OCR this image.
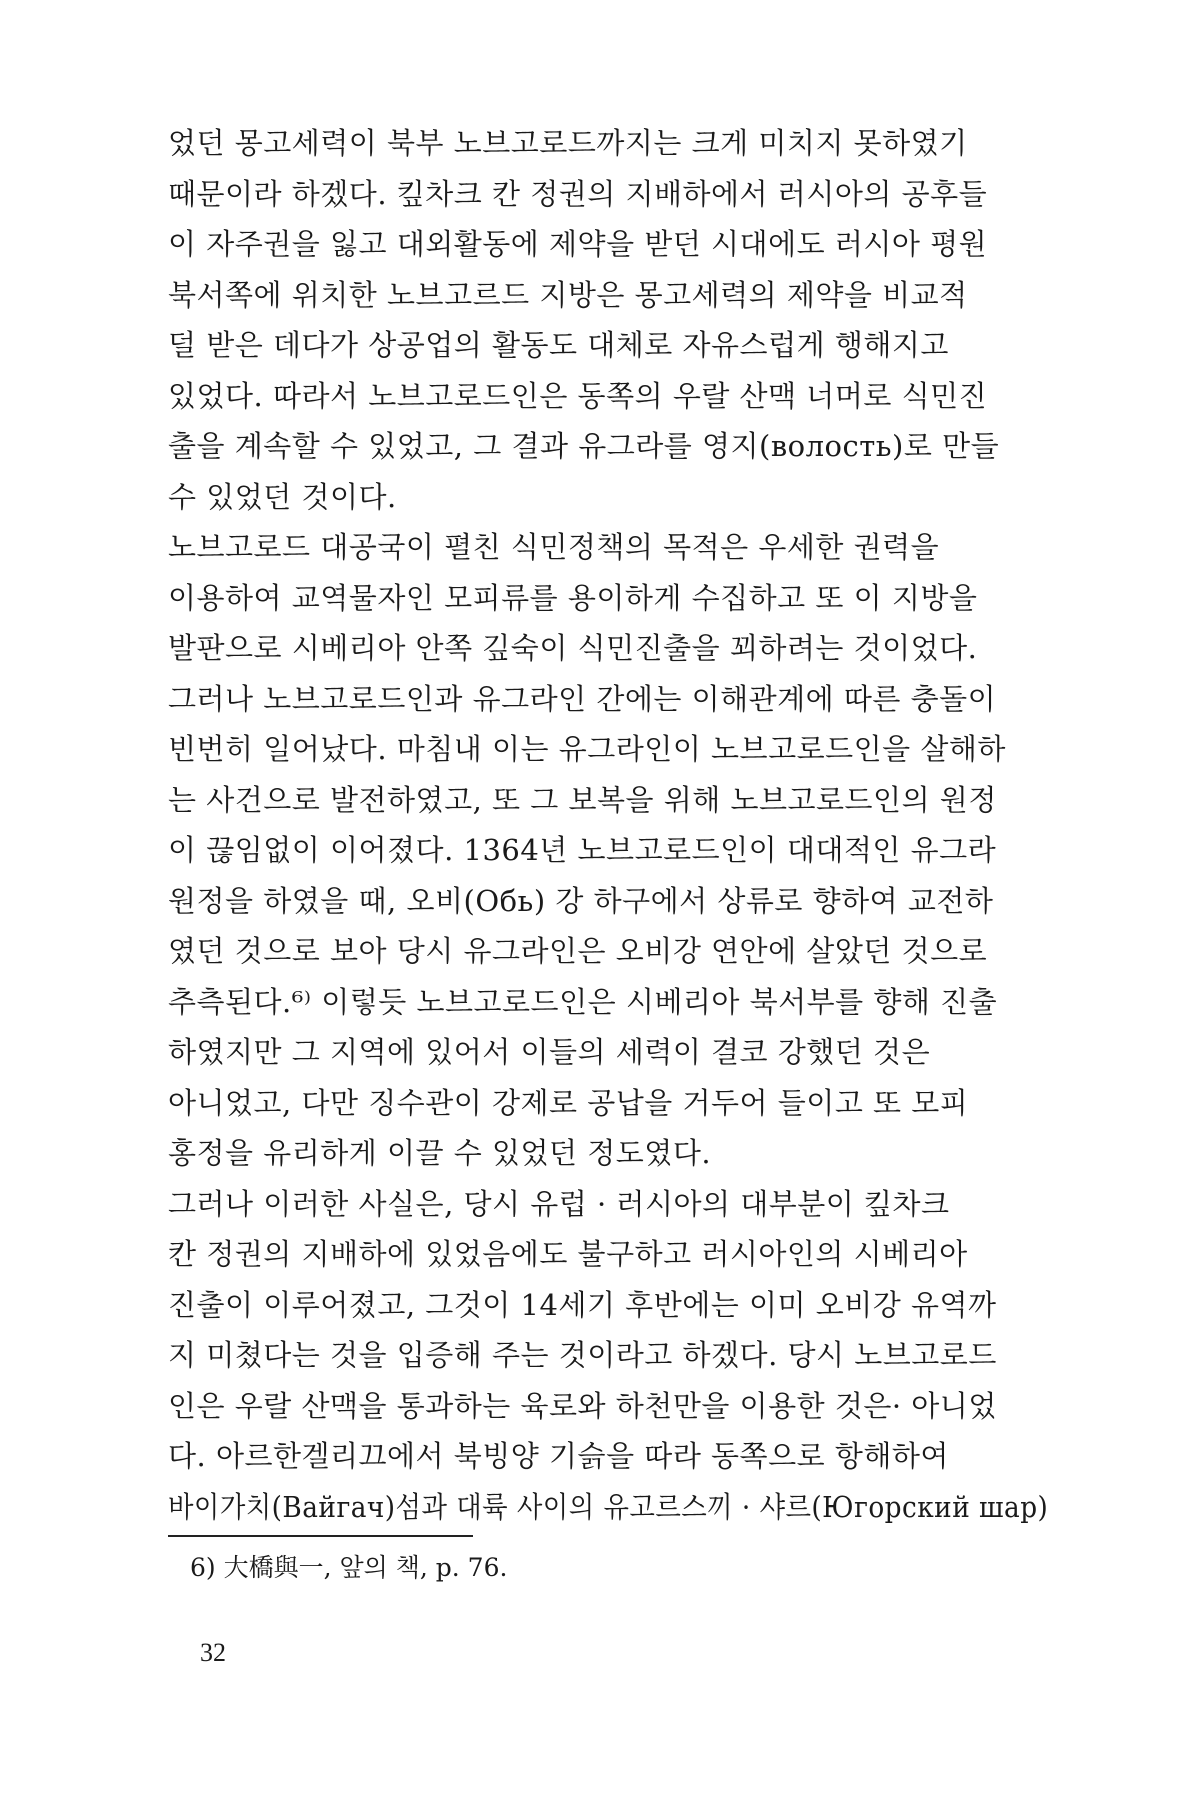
었던 몽고세력이 북부 노브고로드까지는 크게 미치지 못하였기
때문이라 하겠다. 킾차크 칸 정권의 지배하에서 러시아의 공후들
이 자주권을 잃고 대외활동에 제약을 받던 시대에도 러시아 평원
북서쪽에 위치한 노브고르드 지방은 몽고세력의 제약을 비교적
덜 받은 데다가 상공업의 활동도 대체로 자유스럽게 행해지고
있었다. 따라서 노브고로드인은 동쪽의 우랄 산맥 너머로 식민진
출을 계속할 수 있었고, 그 결과 유그라를 영지(волость)로 만들
수 있었던 것이다.
노브고로드 대공국이 펼친 식민정책의 목적은 우세한 권력을
이용하여 교역물자인 모피류를 용이하게 수집하고 또 이 지방을
발판으로 시베리아 안쪽 깊숙이 식민진출을 꾀하려는 것이었다.
그러나 노브고로드인과 유그라인 간에는 이해관계에 따른 충돌이
빈번히 일어났다. 마침내 이는 유그라인이 노브고로드인을 살해하
는 사건으로 발전하였고, 또 그 보복을 위해 노브고로드인의 원정
이 끊임없이 이어졌다. 1364년 노브고로드인이 대대적인 유그라
원정을 하였을 때, 오비(Обь) 강 하구에서 상류로 향하여 교전하
였던 것으로 보아 당시 유그라인은 오비강 연안에 살았던 것으로
추측된다.⁶⁾ 이렇듯 노브고로드인은 시베리아 북서부를 향해 진출
하였지만 그 지역에 있어서 이들의 세력이 결코 강했던 것은
아니었고, 다만 징수관이 강제로 공납을 거두어 들이고 또 모피
홍정을 유리하게 이끌 수 있었던 정도였다.
그러나 이러한 사실은, 당시 유럽 · 러시아의 대부분이 킾차크
칸 정권의 지배하에 있었음에도 불구하고 러시아인의 시베리아
진출이 이루어졌고, 그것이 14세기 후반에는 이미 오비강 유역까
지 미쳤다는 것을 입증해 주는 것이라고 하겠다. 당시 노브고로드
인은 우랄 산맥을 통과하는 육로와 하천만을 이용한 것은· 아니었
다. 아르한겔리끄에서 북빙양 기슭을 따라 동쪽으로 항해하여
바이가치(Вайгач)섬과 대륙 사이의 유고르스끼 · 샤르(Югорский шар)
6) 大橋與一, 앞의 책, p. 76.
32
